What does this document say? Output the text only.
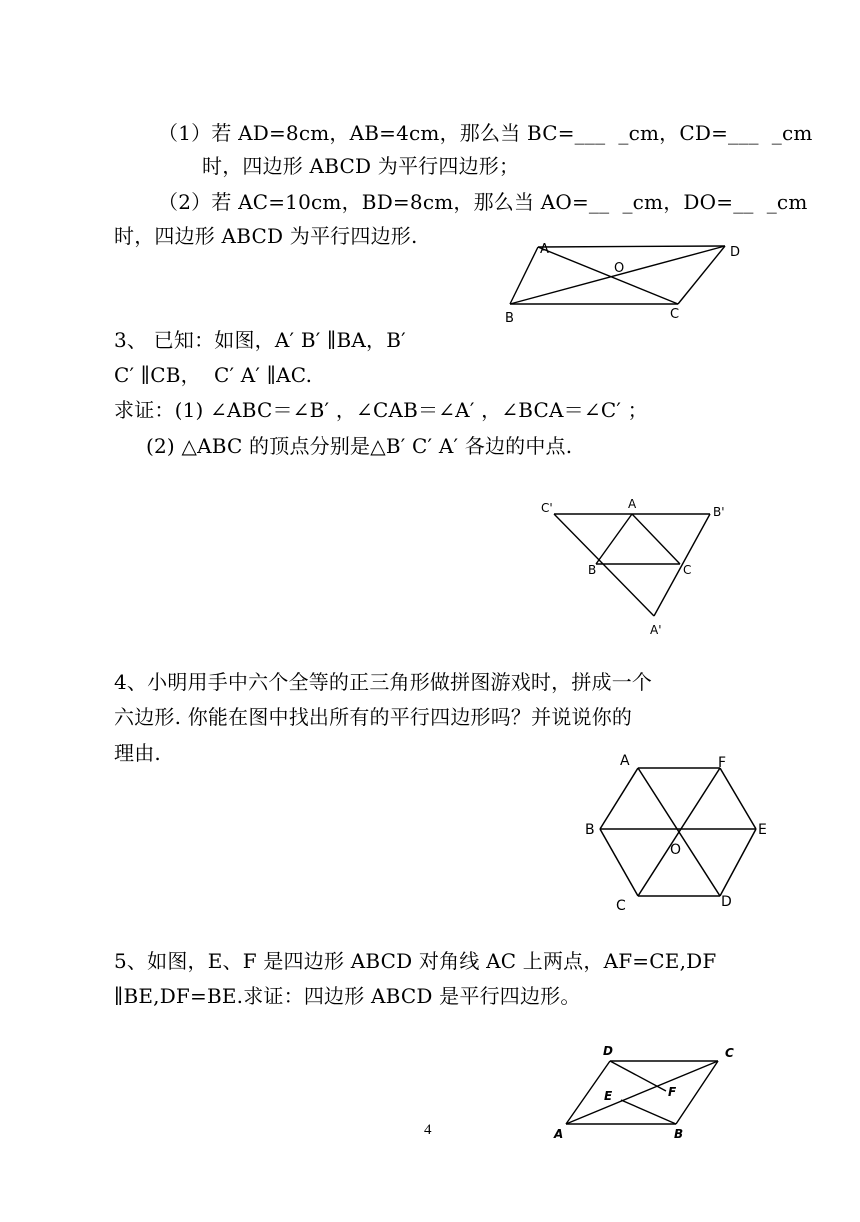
（1）若 AD=8cm，AB=4cm，那么当 BC=___  _cm，CD=___  _cm
时，四边形 ABCD 为平行四边形；
（2）若 AC=10cm，BD=8cm，那么当 AO=__  _cm，DO=__  _cm
时，四边形 ABCD 为平行四边形.
A
B	C
D
O
3、 已知：如图，A′ B′ ∥BA，B′
C′ ∥CB，  C′ A′ ∥AC.
求证：(1) ∠ABC＝∠B′ ，∠CAB＝∠A′ ，∠BCA＝∠C′ ；
(2) △ABC 的顶点分别是△B′ C′ A′ 各边的中点.
C'	A
B'
B	C
A'
4、小明用手中六个全等的正三角形做拼图游戏时，拼成一个
六边形. 你能在图中找出所有的平行四边形吗？并说说你的
理由.	A	F
B	E
O
C	D
5、如图，E、F 是四边形 ABCD 对角线 AC 上两点，AF=CE,DF
∥BE,DF=BE.求证：四边形 ABCD 是平行四边形。
D	C
E	F
A	B
4
